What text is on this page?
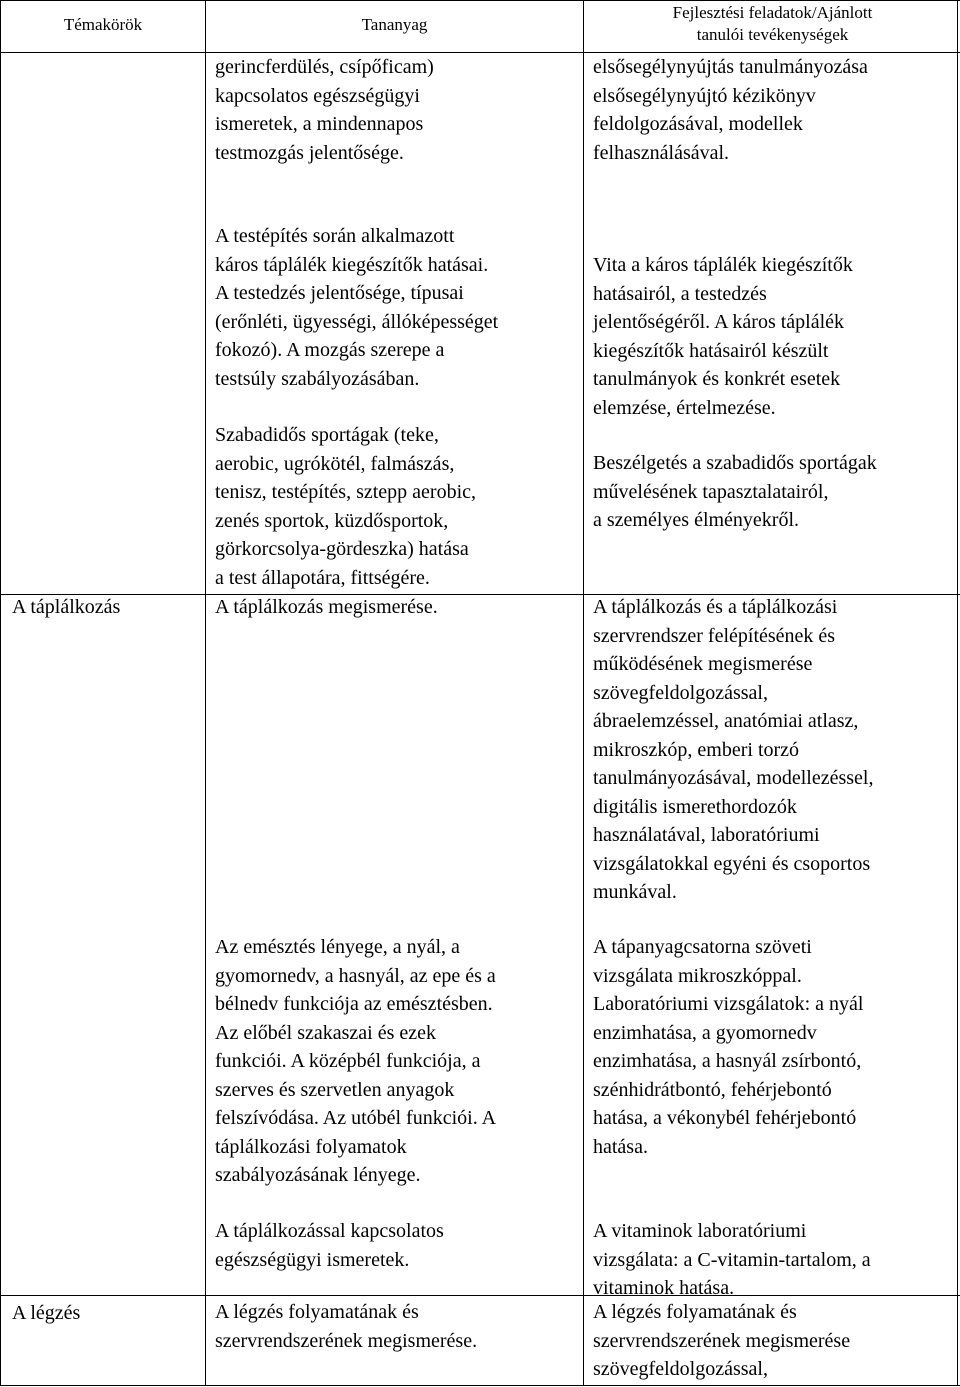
Témakörök	Tananyag
Fejlesztési feladatok/Ajánlott tanulói tevékenységek
A táplálkozás
A légzés
gerincferdülés, csípőficam)
kapcsolatos egészségügyi
ismeretek, a mindennapos
testmozgás jelentősége.
A testépítés során alkalmazott
káros táplálék kiegészítők hatásai.
A testedzés jelentősége, típusai
(erőnléti, ügyességi, állóképességet
fokozó). A mozgás szerepe a
testsúly szabályozásában.
Szabadidős sportágak (teke,
aerobic, ugrókötél, falmászás,
tenisz, testépítés, sztepp aerobic,
zenés sportok, küzdősportok,
görkorcsolya-gördeszka) hatása
a test állapotára, fittségére.
A táplálkozás megismerése.
Az emésztés lényege, a nyál, a
gyomornedv, a hasnyál, az epe és a
bélnedv funkciója az emésztésben.
Az előbél szakaszai és ezek
funkciói. A középbél funkciója, a
szerves és szervetlen anyagok
felszívódása. Az utóbél funkciói. A
táplálkozási folyamatok
szabályozásának lényege.
A táplálkozással kapcsolatos
egészségügyi ismeretek.
A légzés folyamatának és
szervrendszerének megismerése.
elsősegélynyújtás tanulmányozása
elsősegélynyújtó kézikönyv
feldolgozásával, modellek
felhasználásával.
Vita a káros táplálék kiegészítők
hatásairól, a testedzés
jelentőségéről. A káros táplálék
kiegészítők hatásairól készült
tanulmányok és konkrét esetek
elemzése, értelmezése.
Beszélgetés a szabadidős sportágak
művelésének tapasztalatairól,
a személyes élményekről.
A táplálkozás és a táplálkozási
szervrendszer felépítésének és
működésének megismerése
szövegfeldolgozással,
ábraelemzéssel, anatómiai atlasz,
mikroszkóp, emberi torzó
tanulmányozásával, modellezéssel,
digitális ismerethordozók
használatával, laboratóriumi
vizsgálatokkal egyéni és csoportos
munkával.
A tápanyagcsatorna szöveti
vizsgálata mikroszkóppal.
Laboratóriumi vizsgálatok: a nyál
enzimhatása, a gyomornedv
enzimhatása, a hasnyál zsírbontó,
szénhidrátbontó, fehérjebontó
hatása, a vékonybél fehérjebontó
hatása.
A vitaminok laboratóriumi
vizsgálata: a C-vitamin-tartalom, a
vitaminok hatása.
A légzés folyamatának és
szervrendszerének megismerése
szövegfeldolgozással,
